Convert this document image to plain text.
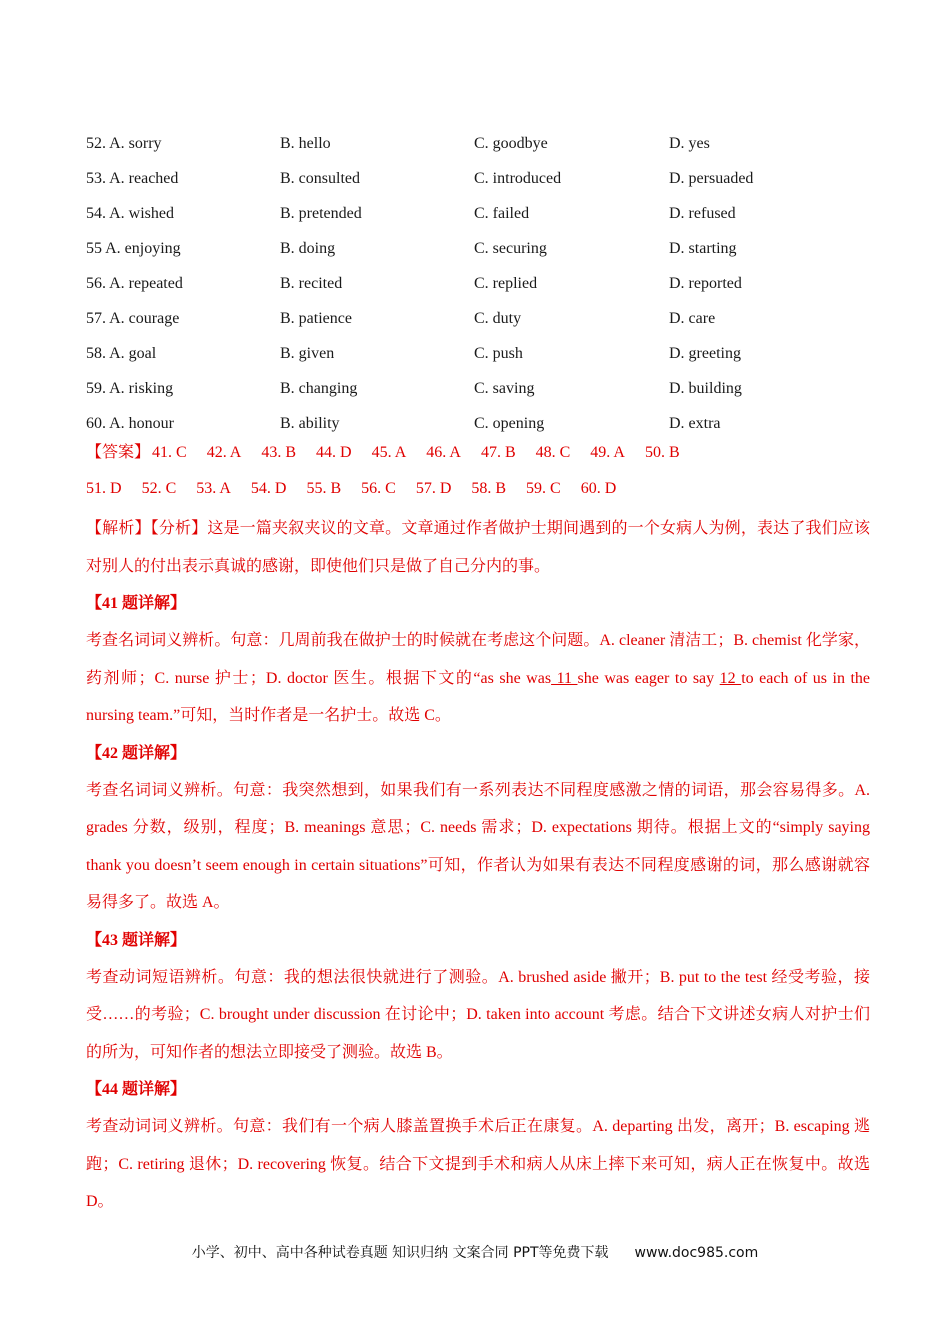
52. A. sorry	B. hello	C. goodbye	D. yes
53. A. reached	B. consulted	C. introduced	D. persuaded
54. A. wished	B. pretended	C. failed	D. refused
55 A. enjoying	B. doing	C. securing	D. starting
56. A. repeated	B. recited	C. replied	D. reported
57. A. courage	B. patience	C. duty	D. care
58. A. goal	B. given	C. push	D. greeting
59. A. risking	B. changing	C. saving	D. building
60. A. honour	B. ability	C. opening	D. extra
【答案】 41. C 42. A 43. B 44. D 45. A 46. A 47. B 48. C 49. A 50. B
51. D 52. C 53. A 54. D 55. B 56. C 57. D 58. B 59. C 60. D
【解析】【分析】这是一篇夹叙夹议的文章。文章通过作者做护士期间遇到的一个女病人为例，表达了我们应该对别人的付出表示真诚的感谢，即使他们只是做了自己分内的事。
【41 题详解】
考查名词词义辨析。句意：几周前我在做护士的时候就在考虑这个问题。A. cleaner 清洁工；B. chemist 化学家，药剂师；C. nurse 护士；D. doctor 医生。根据下文的“as she was 11 she was eager to say 12 to each of us in the nursing team.”可知，当时作者是一名护士。故选 C。
【42 题详解】
考查名词词义辨析。句意：我突然想到，如果我们有一系列表达不同程度感激之情的词语，那会容易得多。A. grades 分数，级别，程度；B. meanings 意思；C. needs 需求；D. expectations 期待。根据上文的“simply saying thank you doesn’t seem enough in certain situations”可知，作者认为如果有表达不同程度感谢的词，那么感谢就容易得多了。故选 A。
【43 题详解】
考查动词短语辨析。句意：我的想法很快就进行了测验。A. brushed aside 撇开；B. put to the test 经受考验，接受……的考验；C. brought under discussion 在讨论中；D. taken into account 考虑。结合下文讲述女病人对护士们的所为，可知作者的想法立即接受了测验。故选 B。
【44 题详解】
考查动词词义辨析。句意：我们有一个病人膝盖置换手术后正在康复。A. departing 出发，离开；B. escaping 逃跑；C. retiring 退休；D. recovering 恢复。结合下文提到手术和病人从床上摔下来可知，病人正在恢复中。故选 D。
小学、初中、高中各种试卷真题 知识归纳 文案合同 PPT等免费下载 www.doc985.com
